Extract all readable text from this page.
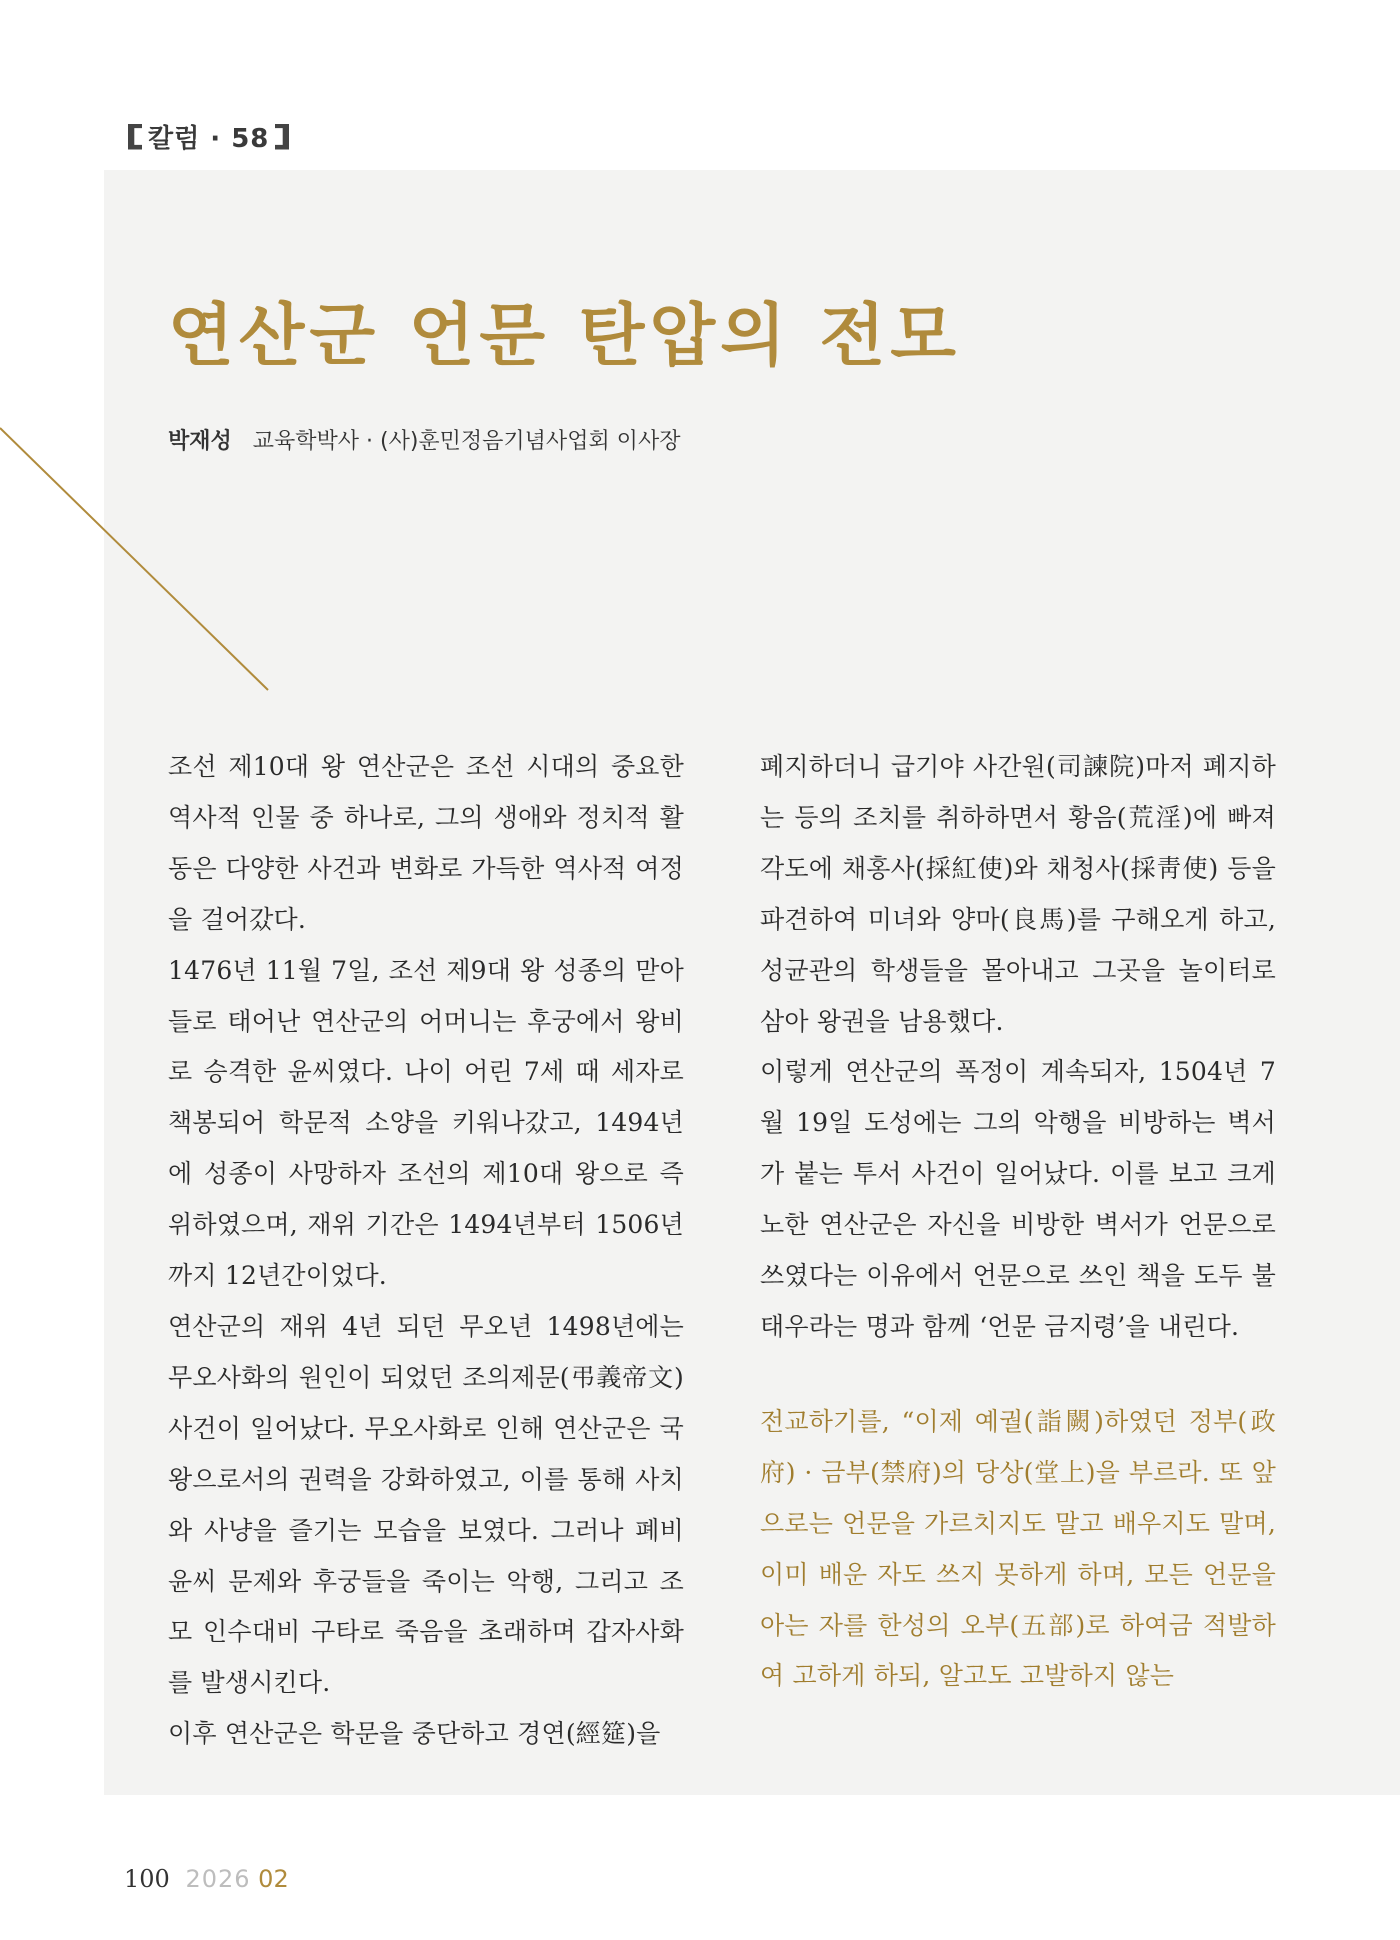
칼럼 · 58
연산군 언문 탄압의 전모
박재성 교육학박사 · (사)훈민정음기념사업회 이사장

조선 제10대 왕 연산군은 조선 시대의 중요한 역사적 인물 중 하나로, 그의 생애와 정치적 활동은 다양한 사건과 변화로 가득한 역사적 여정을 걸어갔다.

1476년 11월 7일, 조선 제9대 왕 성종의 맏아들로 태어난 연산군의 어머니는 후궁에서 왕비로 승격한 윤씨였다. 나이 어린 7세 때 세자로 책봉되어 학문적 소양을 키워나갔고, 1494년에 성종이 사망하자 조선의 제10대 왕으로 즉위하였으며, 재위 기간은 1494년부터 1506년까지 12년간이었다.

연산군의 재위 4년 되던 무오년 1498년에는 무오사화의 원인이 되었던 조의제문(弔義帝文) 사건이 일어났다. 무오사화로 인해 연산군은 국왕으로서의 권력을 강화하였고, 이를 통해 사치와 사냥을 즐기는 모습을 보였다. 그러나 폐비 윤씨 문제와 후궁들을 죽이는 악행, 그리고 조모 인수대비 구타로 죽음을 초래하며 갑자사화를 발생시킨다.

이후 연산군은 학문을 중단하고 경연(經筵)을

폐지하더니 급기야 사간원(司諫院)마저 폐지하는 등의 조치를 취하하면서 황음(荒淫)에 빠져 각도에 채홍사(採紅使)와 채청사(採靑使) 등을 파견하여 미녀와 양마(良馬)를 구해오게 하고, 성균관의 학생들을 몰아내고 그곳을 놀이터로 삼아 왕권을 남용했다.

이렇게 연산군의 폭정이 계속되자, 1504년 7월 19일 도성에는 그의 악행을 비방하는 벽서가 붙는 투서 사건이 일어났다. 이를 보고 크게 노한 연산군은 자신을 비방한 벽서가 언문으로 쓰였다는 이유에서 언문으로 쓰인 책을 도두 불태우라는 명과 함께 ‘언문 금지령’을 내린다.

전교하기를, “이제 예궐(詣闕)하였던 정부(政府) · 금부(禁府)의 당상(堂上)을 부르라. 또 앞으로는 언문을 가르치지도 말고 배우지도 말며, 이미 배운 자도 쓰지 못하게 하며, 모든 언문을 아는 자를 한성의 오부(五部)로 하여금 적발하여 고하게 하되, 알고도 고발하지 않는

100 2026 02
